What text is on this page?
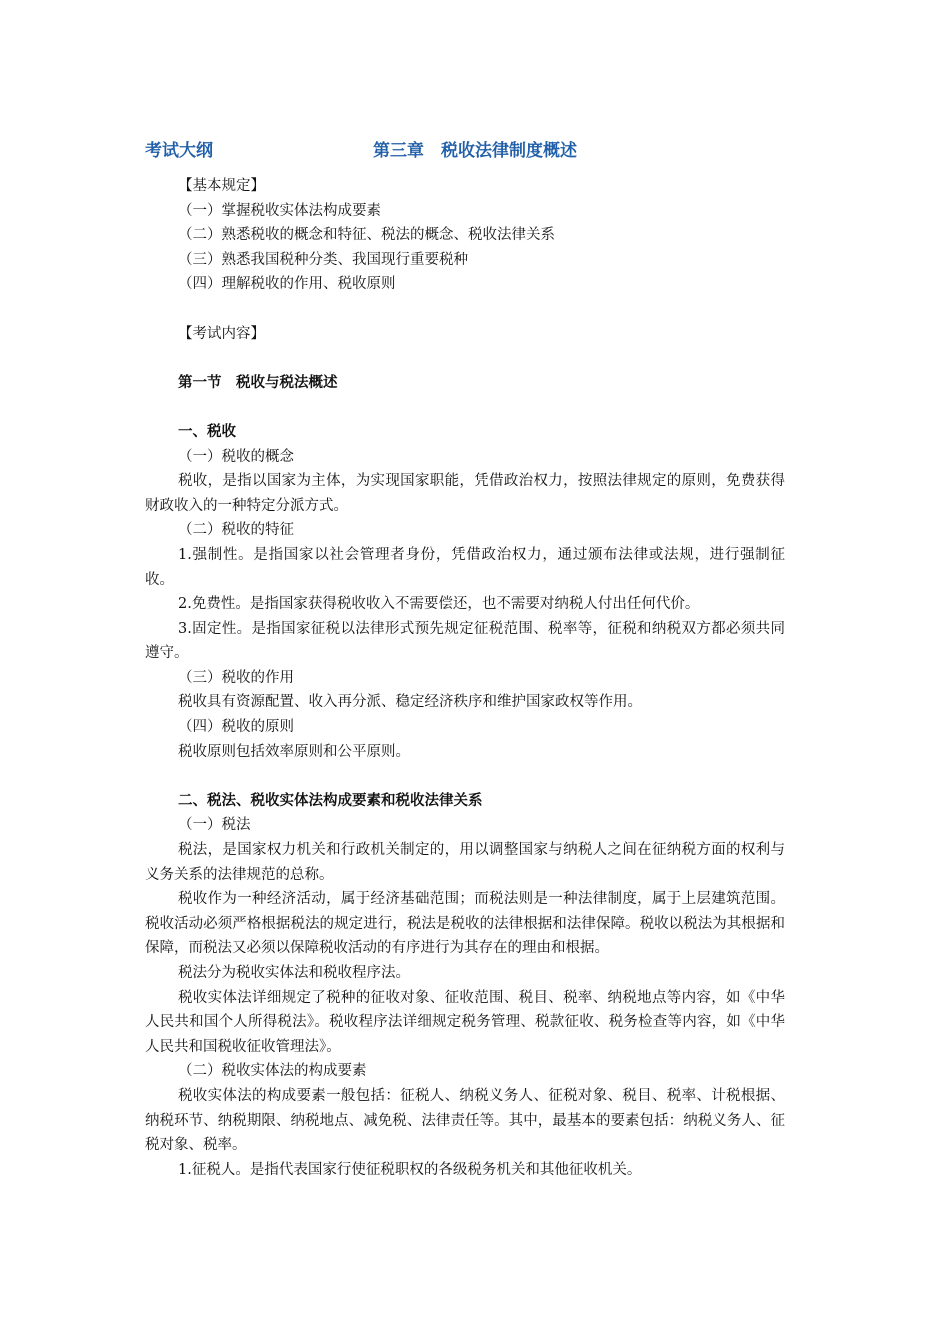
考试大纲	第三章　税收法律制度概述

【基本规定】

（一）掌握税收实体法构成要素

（二）熟悉税收的概念和特征、税法的概念、税收法律关系

（三）熟悉我国税种分类、我国现行重要税种

（四）理解税收的作用、税收原则

【考试内容】

第一节　税收与税法概述

一、税收

（一）税收的概念

税收，是指以国家为主体，为实现国家职能，凭借政治权力，按照法律规定的原则，免费获得财政收入的一种特定分派方式。

（二）税收的特征

1.强制性。是指国家以社会管理者身份，凭借政治权力，通过颁布法律或法规，进行强制征收。

2.免费性。是指国家获得税收收入不需要偿还，也不需要对纳税人付出任何代价。

3.固定性。是指国家征税以法律形式预先规定征税范围、税率等，征税和纳税双方都必须共同遵守。

（三）税收的作用

税收具有资源配置、收入再分派、稳定经济秩序和维护国家政权等作用。

（四）税收的原则

税收原则包括效率原则和公平原则。

二、税法、税收实体法构成要素和税收法律关系

（一）税法

税法，是国家权力机关和行政机关制定的，用以调整国家与纳税人之间在征纳税方面的权利与义务关系的法律规范的总称。

税收作为一种经济活动，属于经济基础范围；而税法则是一种法律制度，属于上层建筑范围。税收活动必须严格根据税法的规定进行，税法是税收的法律根据和法律保障。税收以税法为其根据和保障，而税法又必须以保障税收活动的有序进行为其存在的理由和根据。

税法分为税收实体法和税收程序法。

税收实体法详细规定了税种的征收对象、征收范围、税目、税率、纳税地点等内容，如《中华人民共和国个人所得税法》。税收程序法详细规定税务管理、税款征收、税务检查等内容，如《中华人民共和国税收征收管理法》。

（二）税收实体法的构成要素

税收实体法的构成要素一般包括：征税人、纳税义务人、征税对象、税目、税率、计税根据、纳税环节、纳税期限、纳税地点、减免税、法律责任等。其中，最基本的要素包括：纳税义务人、征税对象、税率。

1.征税人。是指代表国家行使征税职权的各级税务机关和其他征收机关。
